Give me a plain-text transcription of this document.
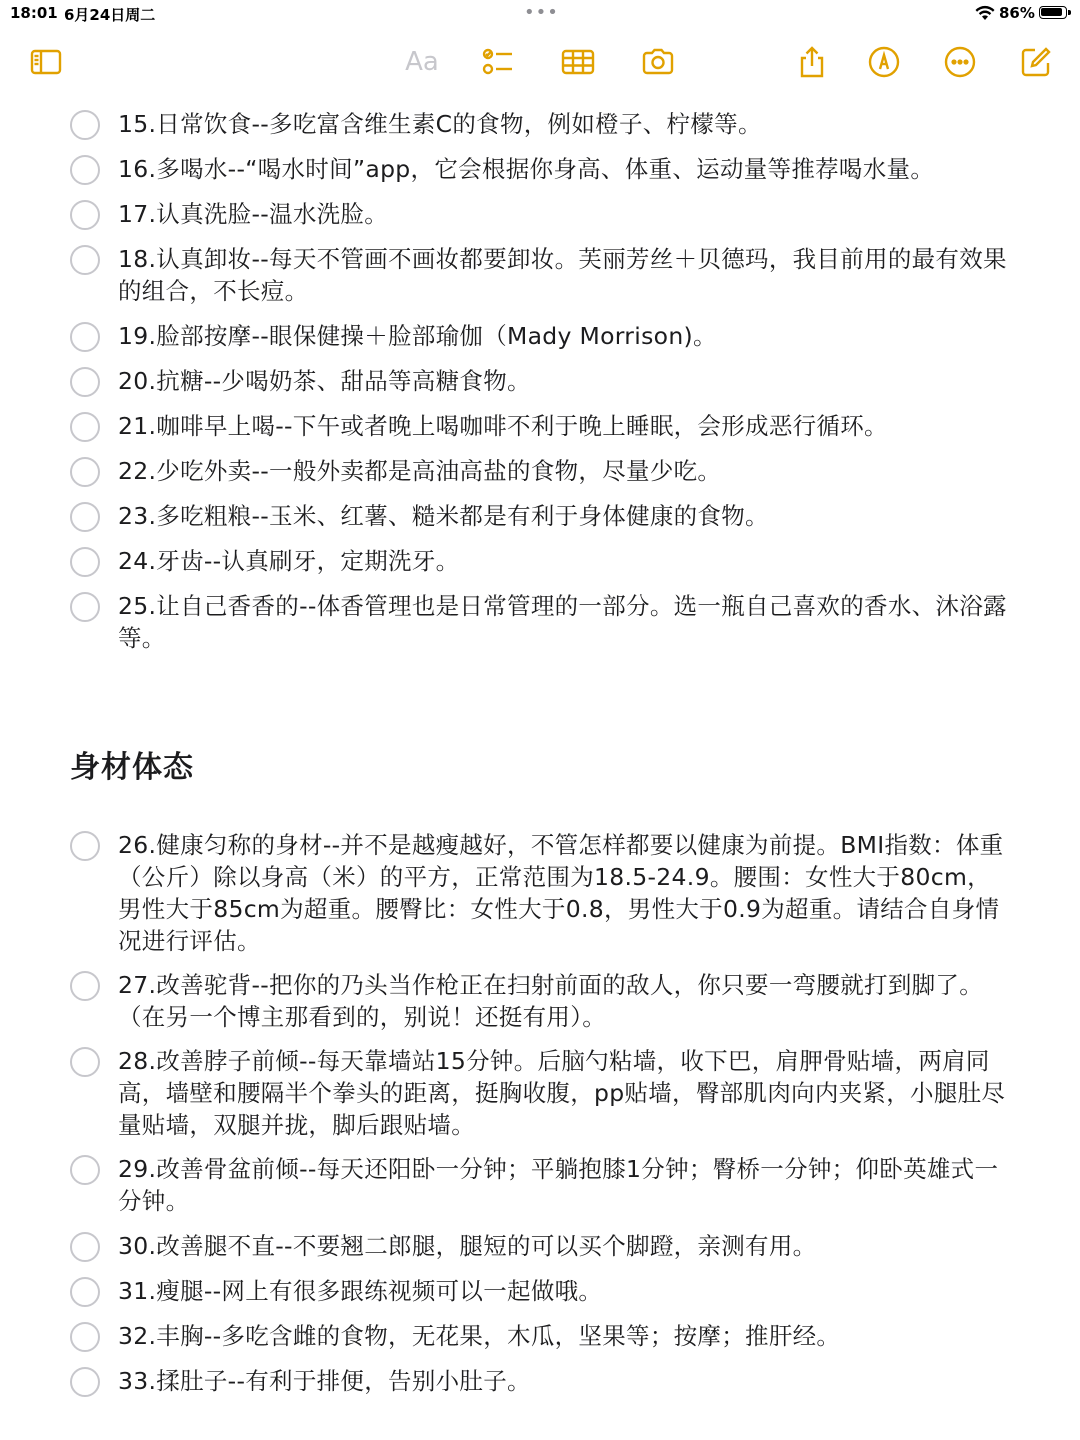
18:01 6月24日周二	•••	86%
Aa
15.日常饮食--多吃富含维生素C的食物，例如橙子、柠檬等。
16.多喝水--“喝水时间”app，它会根据你身高、体重、运动量等推荐喝水量。
17.认真洗脸--温水洗脸。
18.认真卸妆--每天不管画不画妆都要卸妆。芙丽芳丝＋贝德玛，我目前用的最有效果的组合，不长痘。
19.脸部按摩--眼保健操＋脸部瑜伽（Mady Morrison)。
20.抗糖--少喝奶茶、甜品等高糖食物。
21.咖啡早上喝--下午或者晚上喝咖啡不利于晚上睡眠，会形成恶行循环。
22.少吃外卖--一般外卖都是高油高盐的食物，尽量少吃。
23.多吃粗粮--玉米、红薯、糙米都是有利于身体健康的食物。
24.牙齿--认真刷牙，定期洗牙。
25.让自己香香的--体香管理也是日常管理的一部分。选一瓶自己喜欢的香水、沐浴露等。
26.健康匀称的身材--并不是越瘦越好，不管怎样都要以健康为前提。BMI指数：体重（公斤）除以身高（米）的平方，正常范围为18.5-24.9。腰围：女性大于80cm，男性大于85cm为超重。腰臀比：女性大于0.8，男性大于0.9为超重。请结合自身情况进行评估。
27.改善驼背--把你的乃头当作枪正在扫射前面的敌人，你只要一弯腰就打到脚了。（在另一个博主那看到的，别说！还挺有用）。
28.改善脖子前倾--每天靠墙站15分钟。后脑勺粘墙，收下巴，肩胛骨贴墙，两肩同高，墙壁和腰隔半个拳头的距离，挺胸收腹，pp贴墙，臀部肌肉向内夹紧，小腿肚尽量贴墙，双腿并拢，脚后跟贴墙。
29.改善骨盆前倾--每天还阳卧一分钟；平躺抱膝1分钟；臀桥一分钟；仰卧英雄式一分钟。
30.改善腿不直--不要翘二郎腿，腿短的可以买个脚蹬，亲测有用。
31.瘦腿--网上有很多跟练视频可以一起做哦。
32.丰胸--多吃含雌的食物，无花果，木瓜，坚果等；按摩；推肝经。
33.揉肚子--有利于排便，告别小肚子。
身材体态
